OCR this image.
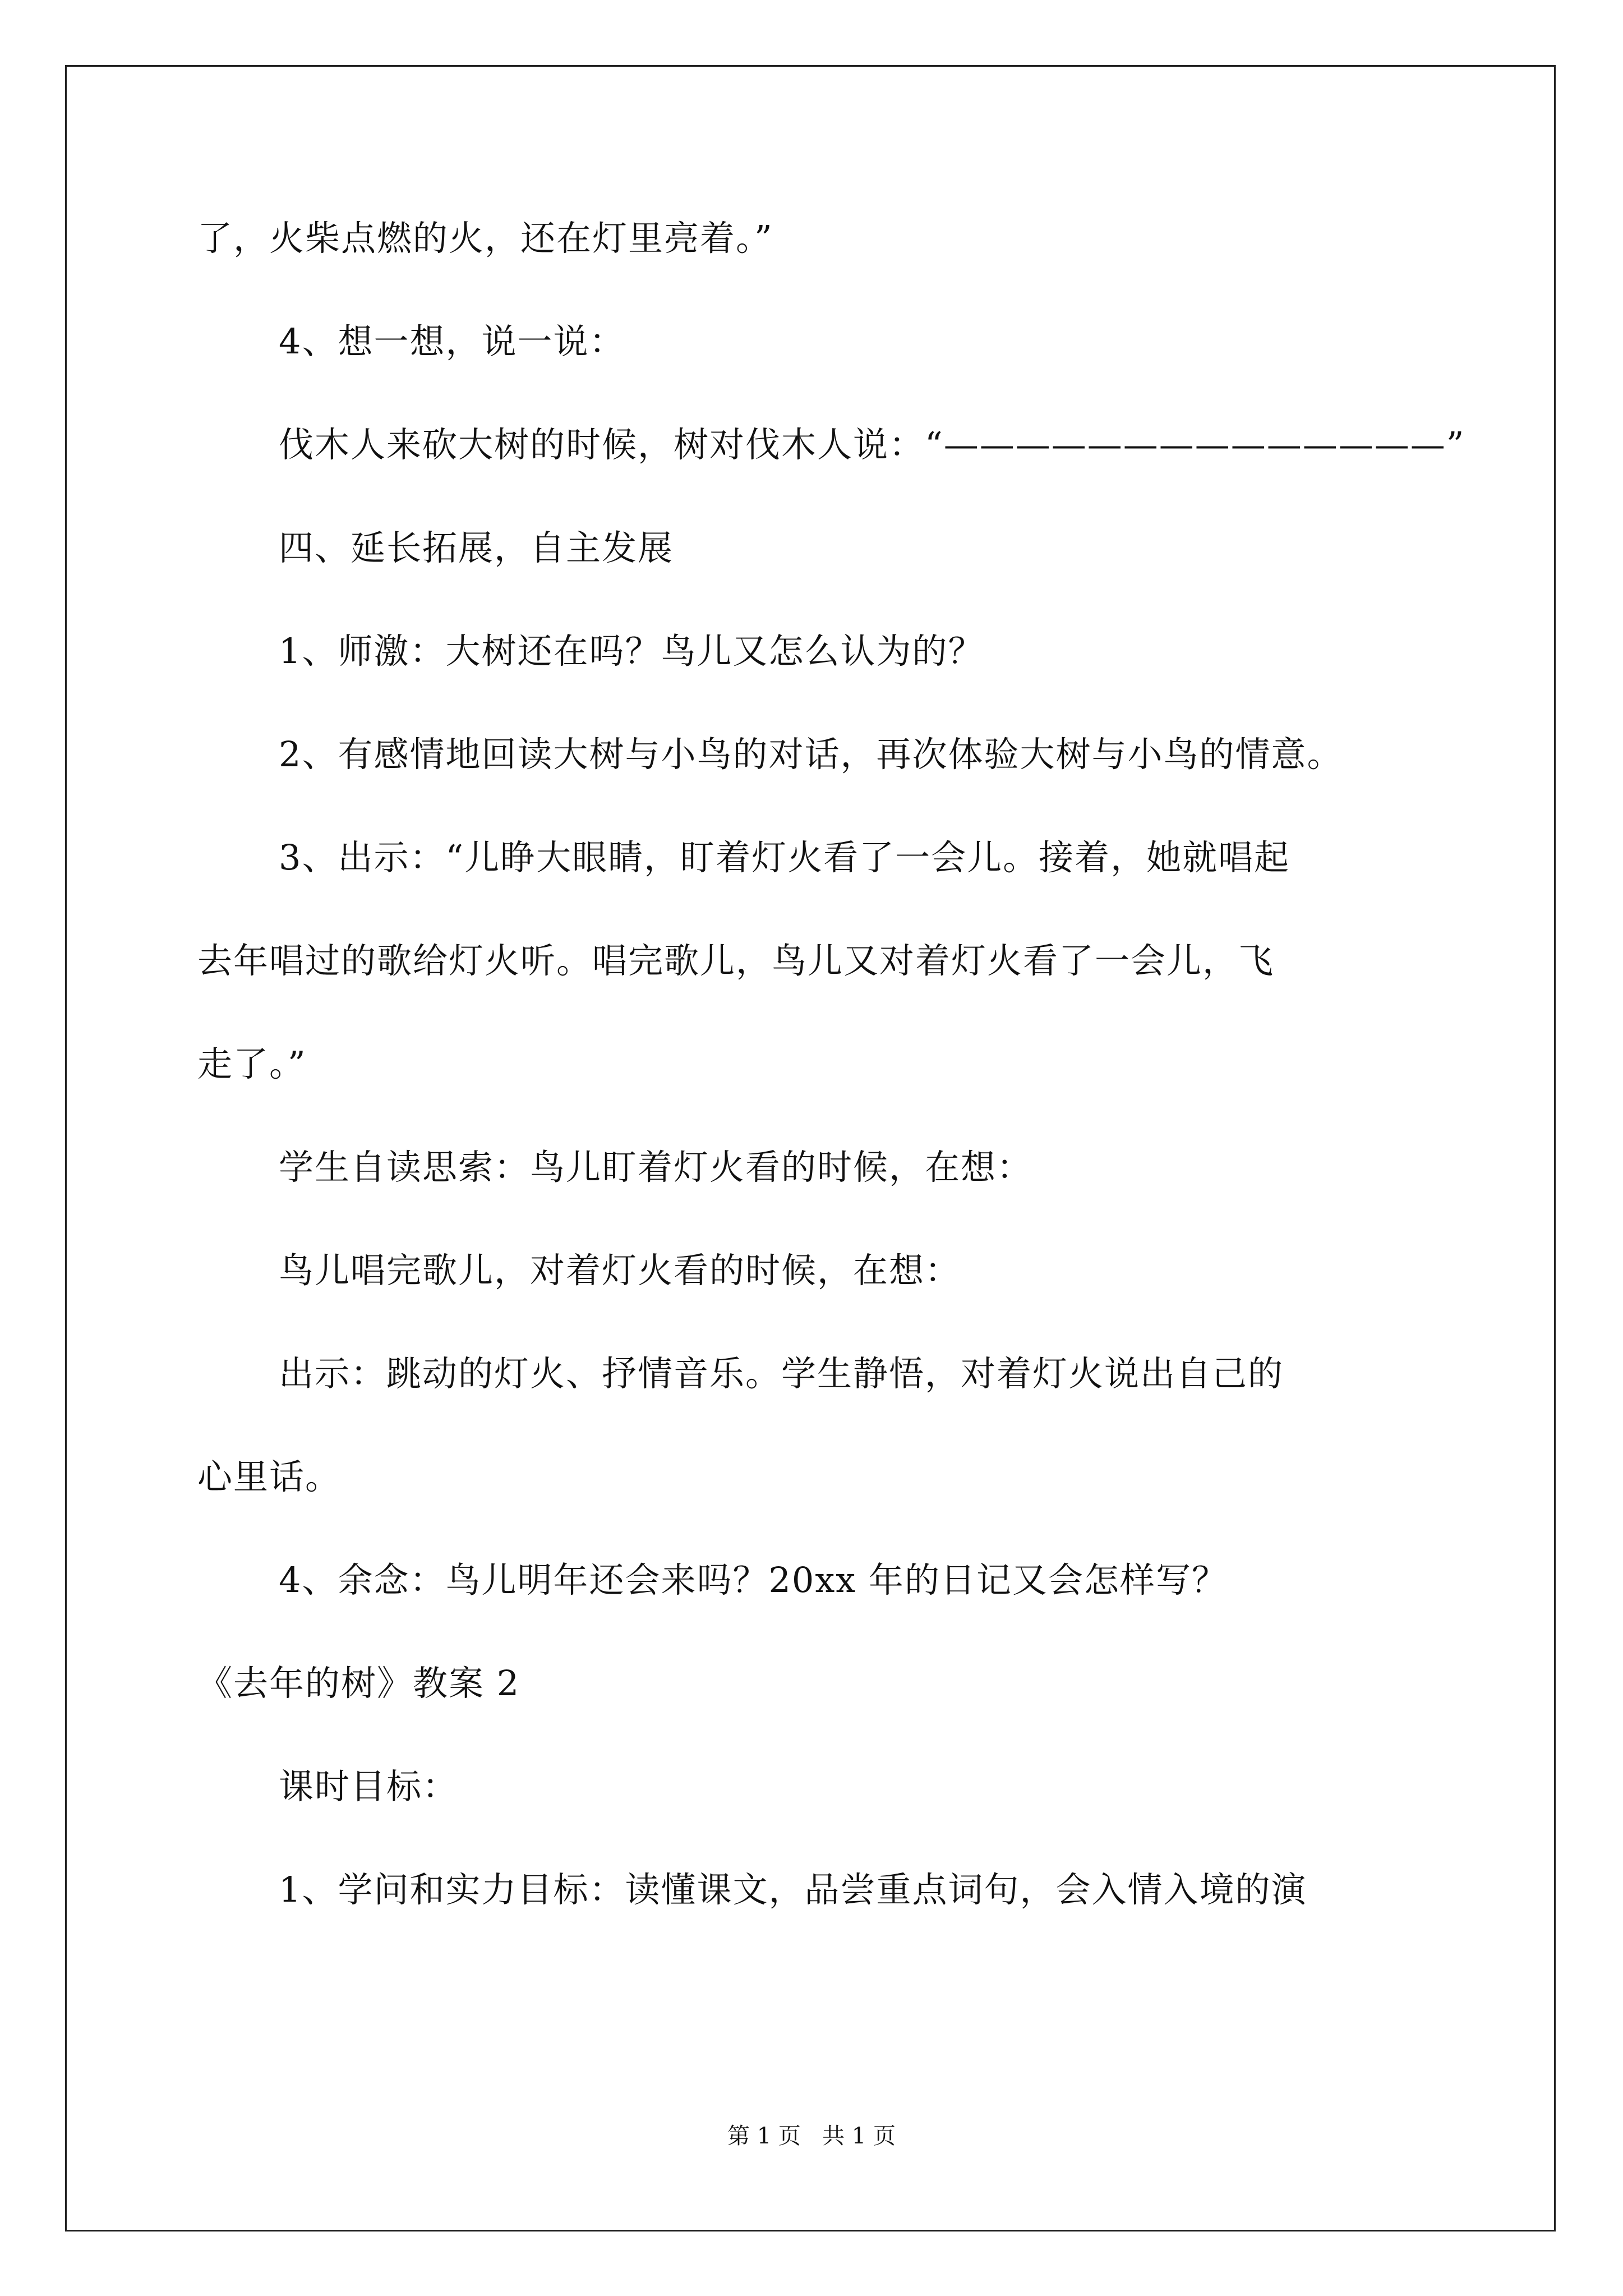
了，火柴点燃的火，还在灯里亮着。”
4、想一想，说一说：
伐木人来砍大树的时候，树对伐木人说：“——————————————”
四、延长拓展，自主发展
1、师激：大树还在吗？鸟儿又怎么认为的？
2、有感情地回读大树与小鸟的对话，再次体验大树与小鸟的情意。
3、出示：“儿睁大眼睛，盯着灯火看了一会儿。接着，她就唱起
去年唱过的歌给灯火听。唱完歌儿，鸟儿又对着灯火看了一会儿，飞
走了。”
学生自读思索：鸟儿盯着灯火看的时候，在想：
鸟儿唱完歌儿，对着灯火看的时候，在想：
出示：跳动的灯火、抒情音乐。学生静悟，对着灯火说出自己的
心里话。
4、余念：鸟儿明年还会来吗？20xx 年的日记又会怎样写？
《去年的树》教案 2
课时目标：
1、学问和实力目标：读懂课文，品尝重点词句，会入情入境的演
第 1 页   共 1 页
